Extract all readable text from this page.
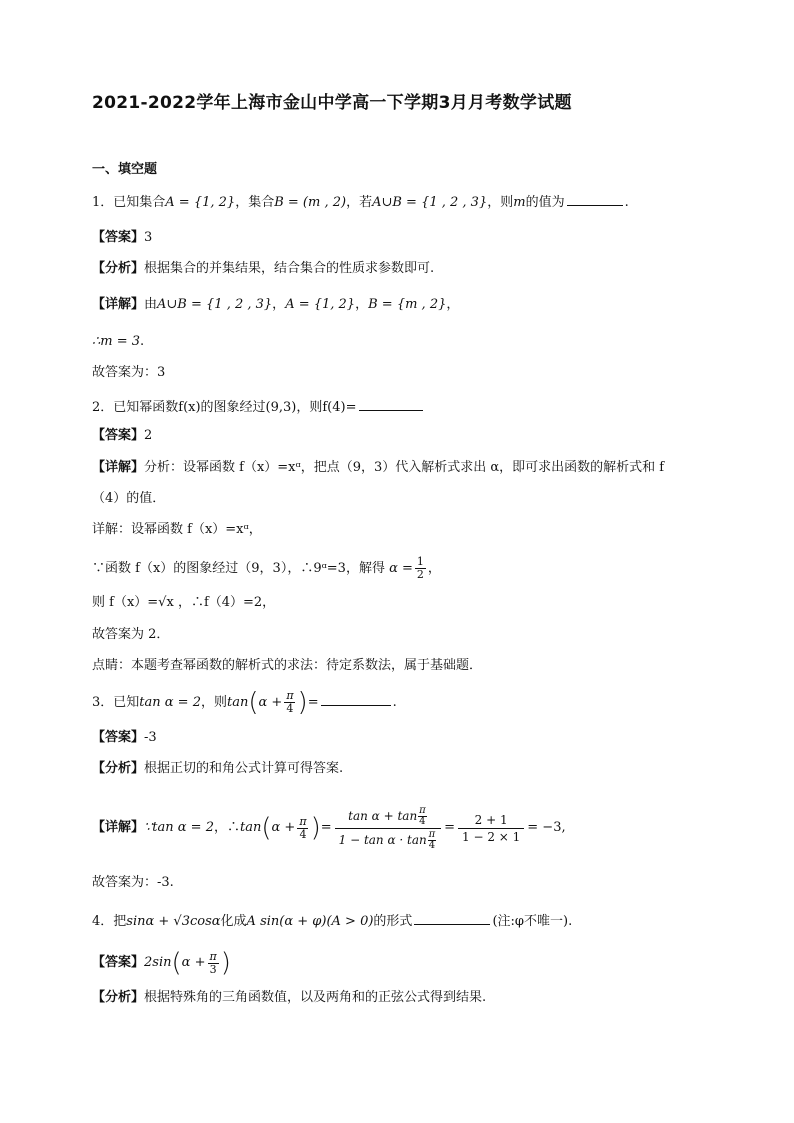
2021-2022学年上海市金山中学高一下学期3月月考数学试题
一、填空题
1．已知集合A = {1, 2}，集合B = (m , 2)，若A∪B = {1 , 2 , 3}，则m的值为	.
【答案】3
【分析】根据集合的并集结果，结合集合的性质求参数即可.
【详解】由A∪B = {1 , 2 , 3}，A = {1, 2}，B = {m , 2}，
∴m = 3.
故答案为：3
2．已知幂函数f(x)的图象经过(9,3)，则f(4)=
【答案】2
【详解】分析：设幂函数 f（x）=xᵅ，把点（9，3）代入解析式求出 α，即可求出函数的解析式和 f
（4）的值．
详解：设幂函数 f（x）=xᵅ，
∵函数 f（x）的图象经过（9，3），∴9ᵅ=3，解得 $\alpha = \frac{1}{2}$ ，
则 f（x）=√x ，∴f（4）=2，
故答案为 2．
点睛：本题考查幂函数的解析式的求法：待定系数法，属于基础题．
3．已知tan α = 2，则$\tan(\alpha + \frac{\pi}{4}$ )=	.
【答案】-3
【分析】根据正切的和角公式计算可得答案.
【详解】 ∵tan α = 2 ，∴ tan ( $\alpha + \frac{\pi}{4}$ ) = $\frac{\tan \alpha + \tan \frac{\pi}{4}}{1 - \tan \alpha \cdot \tan \frac{\pi}{4}} = \frac{2 + 1}{1 - 2 \times 1} = -3$,
故答案为：-3.
4．把sinα + √3cosα化成A sin(α + φ)(A > 0)的形式	(注:φ不唯一).
【答案】 2sin ( $\alpha + \frac{\pi}{3}$ )
【分析】根据特殊角的三角函数值，以及两角和的正弦公式得到结果.
